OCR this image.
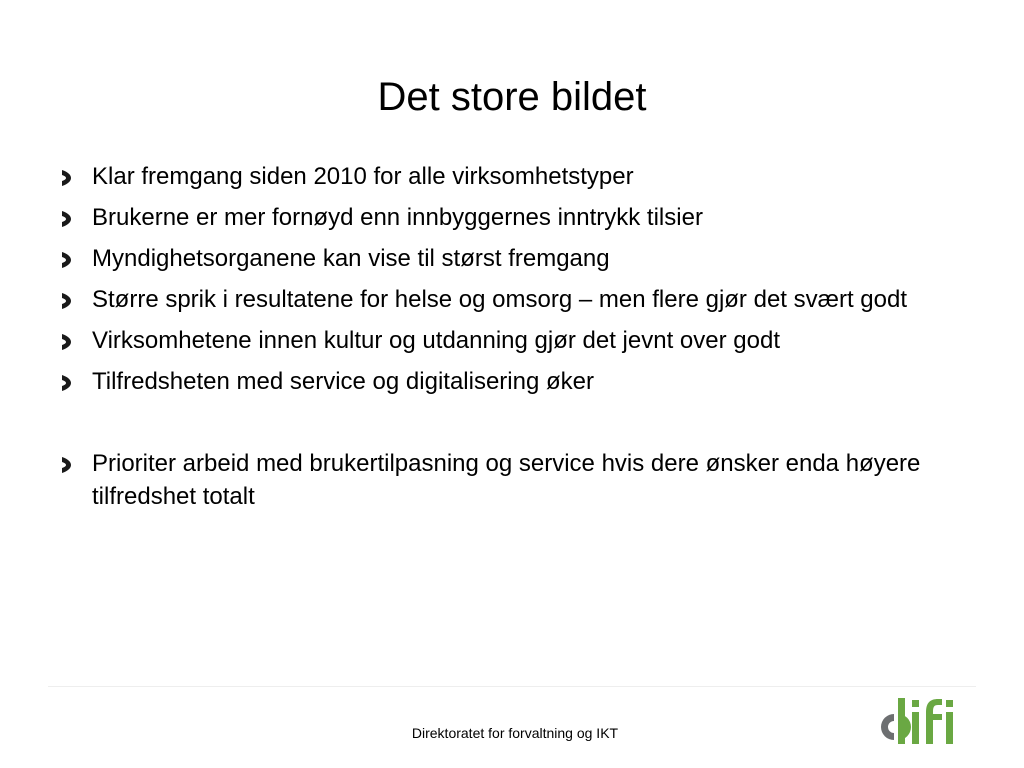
Det store bildet
Klar fremgang siden 2010 for alle virksomhetstyper
Brukerne er mer fornøyd enn innbyggernes inntrykk tilsier
Myndighetsorganene kan vise til størst fremgang
Større sprik i resultatene for helse og omsorg – men flere gjør det svært godt
Virksomhetene innen kultur og utdanning gjør det jevnt over godt
Tilfredsheten med service og digitalisering øker
Prioriter arbeid med brukertilpasning og service hvis dere ønsker enda høyere tilfredshet totalt
Direktoratet for forvaltning og IKT
